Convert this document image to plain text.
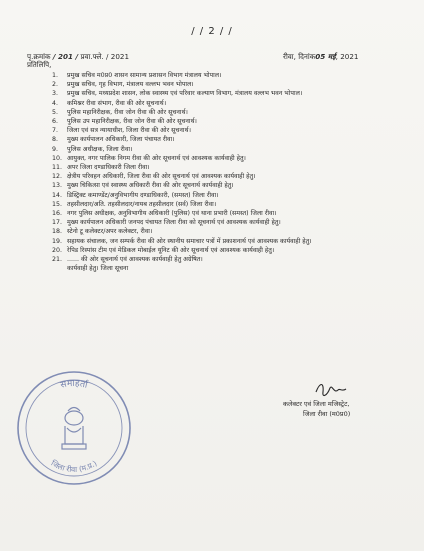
/ / 2 / /
पृ.क्रमांक / 201 / प्रवा.फ्ले. / 2021	रीवा, दिनांक05 मई, 2021
प्रतिलिपि,
1.	प्रमुख सचिव म0प्र0 शासन सामान्य प्रशासन विभाग मंत्रालय भोपाल।
2.	प्रमुख सचिव, गृह विभाग, मंत्रालय वल्लभ भवन भोपाल।
3.	प्रमुख सचिव, मध्यप्रदेश शासन, लोक स्वास्थ्य एवं परिवार कल्याण विभाग, मंत्रालय वल्लभ भवन भोपाल।
4.	कमिश्नर रीवा संभाग, रीवा की ओर सूचनार्थ।
5.	पुलिस महानिरीक्षक, रीवा जोन रीवा की ओर सूचनार्थ।
6.	पुलिस उप महानिरीक्षक, रीवा जोन रीवा की ओर सूचनार्थ।
7.	जिला एवं सत्र न्यायाधीश, जिला रीवा की ओर सूचनार्थ।
8.	मुख्य कार्यपालन अधिकारी, जिला पंचायत रीवा।
9.	पुलिस अधीक्षक, जिला रीवा।
10. आयुक्त, नगर पालिक निगम रीवा की ओर सूचनार्थ एवं आवश्यक कार्यवाही हेतु।
11. अपर जिला दण्डाधिकारी जिला रीवा।
12. क्षेत्रीय परिवहन अधिकारी, जिला रीवा की ओर सूचनार्थ एवं आवश्यक कार्यवाही हेतु।
13. मुख्य चिकित्सा एवं स्वास्थ्य अधिकारी रीवा की ओर सूचनार्थ कार्यवाही हेतु।
14. डिस्ट्रिक्ट कमाण्डेंट/अनुविभागीय दण्डाधिकारी, (समस्त) जिला रीवा।
15. तहसीलदार/अति. तहसीलदार/नायब तहसीलदार (सर्व) जिला रीवा।
16. नगर पुलिस अधीक्षक, अनुविभागीय अधिकारी (पुलिस) एवं थाना प्रभारी (समस्त) जिला रीवा।
17. मुख्य कार्यपालन अधिकारी जनपद पंचायत जिला रीवा को सूचनार्थ एवं आवश्यक कार्यवाही हेतु।
18. स्टेनो टू कलेक्टर/अपर कलेक्टर, रीवा।
19. सहायक संचालक, जन सम्पर्क रीवा की ओर स्थानीय समाचार पत्रों में प्रकाशनार्थ एवं आवश्यक कार्यवाही हेतु।
20. रेपिड रिस्पांस टीम एवं मेडिकल मोबाईल यूनिट की ओर सूचनार्थ एवं आवश्यक कार्यवाही हेतु।
21. ...... की ओर सूचनार्थ एवं आवश्यक कार्यवाही हेतु अग्रेषित।
कार्यवाही हेतु। जिला सूचना
समाहर्ता
जिला रीवा (म.प्र.)
कलेक्टर एवं जिला मजिस्ट्रेट,
जिला रीवा (म0प्र0)
